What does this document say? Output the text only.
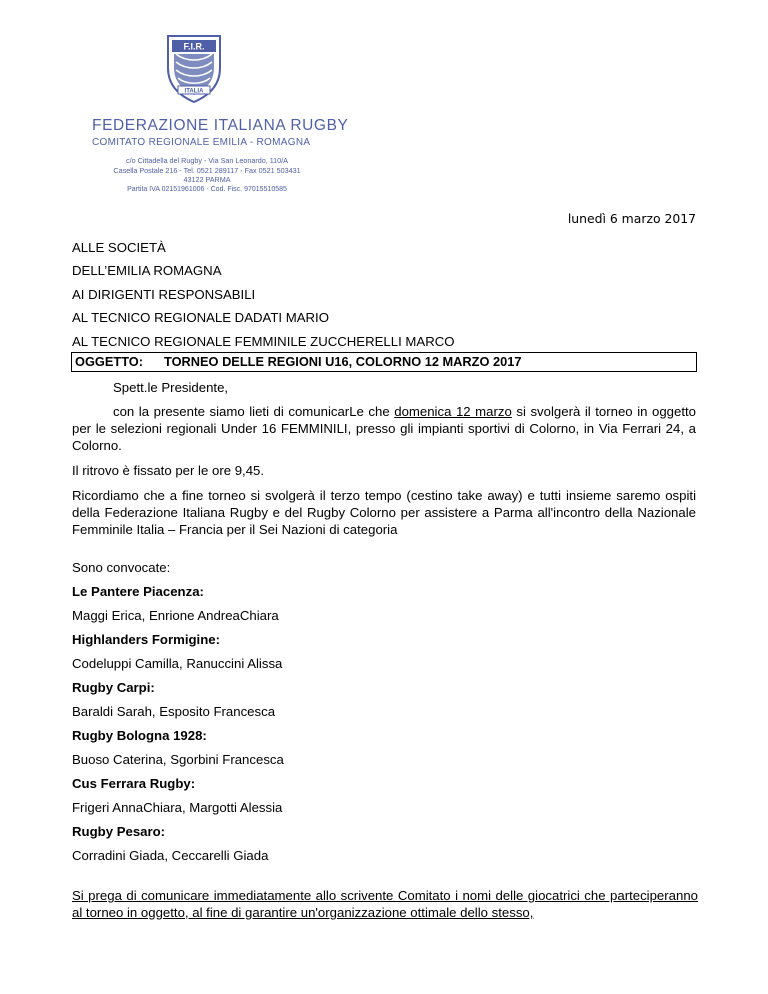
F.I.R.
ITALIA
FEDERAZIONE ITALIANA RUGBY
COMITATO REGIONALE EMILIA - ROMAGNA
c/o Cittadella del Rugby - Via San Leonardo, 110/A
Casella Postale 216 - Tel. 0521 289117 - Fax 0521 503431
43122 PARMA
Partita IVA 02151961006 - Cod. Fisc. 97015510585
lunedì 6 marzo 2017
ALLE SOCIETÀ
DELL’EMILIA ROMAGNA
AI DIRIGENTI RESPONSABILI
AL TECNICO REGIONALE DADATI MARIO
AL TECNICO REGIONALE FEMMINILE ZUCCHERELLI MARCO
OGGETTO: TORNEO DELLE REGIONI U16, COLORNO 12 MARZO 2017

Spett.le Presidente,

con la presente siamo lieti di comunicarLe che domenica 12 marzo si svolgerà il torneo in oggetto per le selezioni regionali Under 16 FEMMINILI, presso gli impianti sportivi di Colorno, in Via Ferrari 24, a Colorno.

Il ritrovo è fissato per le ore 9,45.

Ricordiamo che a fine torneo si svolgerà il terzo tempo (cestino take away) e tutti insieme saremo ospiti della Federazione Italiana Rugby e del Rugby Colorno per assistere a Parma all'incontro della Nazionale Femminile Italia – Francia per il Sei Nazioni di categoria

Sono convocate:
Le Pantere Piacenza:
Maggi Erica, Enrione AndreaChiara
Highlanders Formigine:
Codeluppi Camilla, Ranuccini Alissa
Rugby Carpi:
Baraldi Sarah, Esposito Francesca
Rugby Bologna 1928:
Buoso Caterina, Sgorbini Francesca
Cus Ferrara Rugby:
Frigeri AnnaChiara, Margotti Alessia
Rugby Pesaro:
Corradini Giada, Ceccarelli Giada
Si prega di comunicare immediatamente allo scrivente Comitato i nomi delle giocatrici che parteciperanno al torneo in oggetto, al fine di garantire un'organizzazione ottimale dello stesso,
